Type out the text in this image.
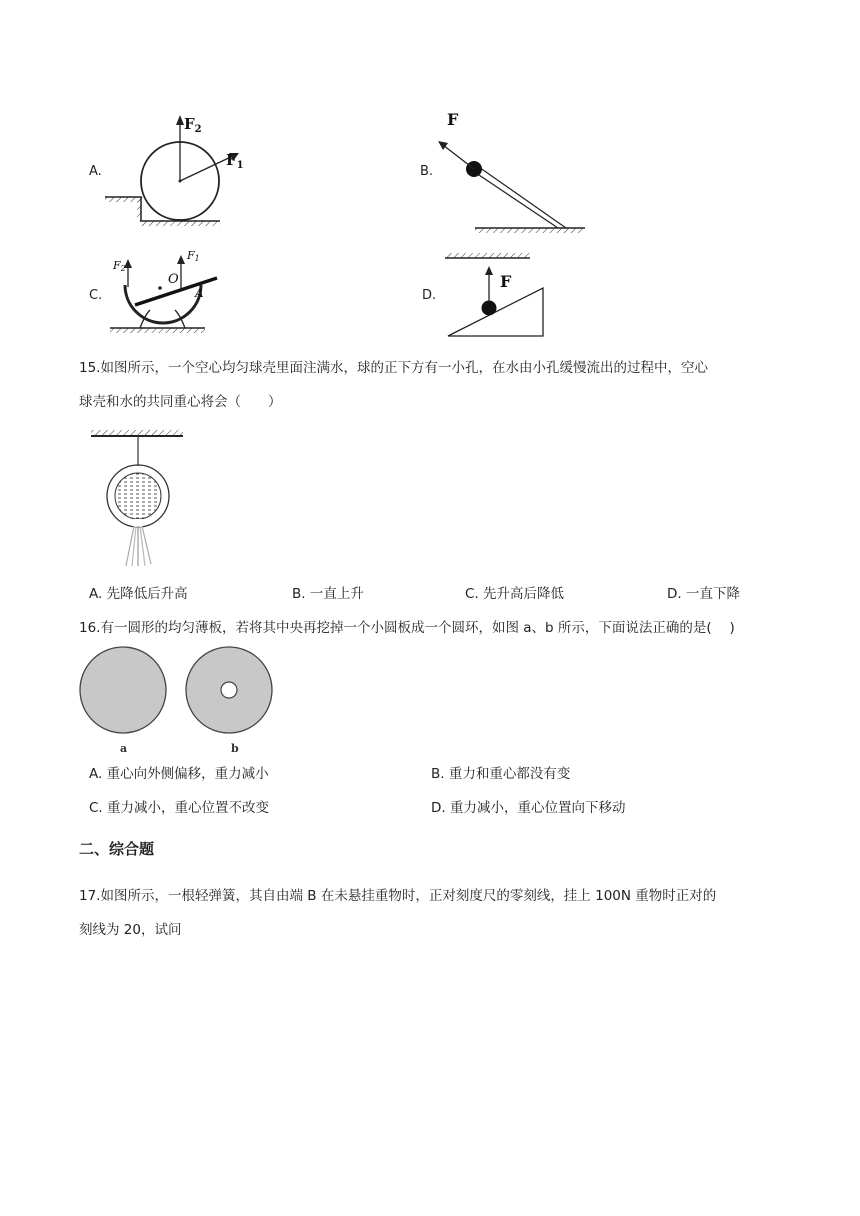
A.
$F_2$
$F_1$	B.
F
C.
O
A
F2
F1
D.
F
15.如图所示，一个空心均匀球壳里面注满水，球的正下方有一小孔，在水由小孔缓慢流出的过程中，空心
球壳和水的共同重心将会（　　）
A. 先降低后升高	B. 一直上升	C. 先升高后降低	D. 一直下降
16.有一圆形的均匀薄板，若将其中央再挖掉一个小圆板成一个圆环，如图 a、b 所示，下面说法正确的是(　 )
a	b
A. 重心向外侧偏移，重力减小	B. 重力和重心都没有变
C. 重力减小，重心位置不改变	D. 重力减小，重心位置向下移动
二、综合题
17.如图所示，一根轻弹簧，其自由端 B 在未悬挂重物时，正对刻度尺的零刻线，挂上 100N 重物时正对的
刻线为 20，试问
